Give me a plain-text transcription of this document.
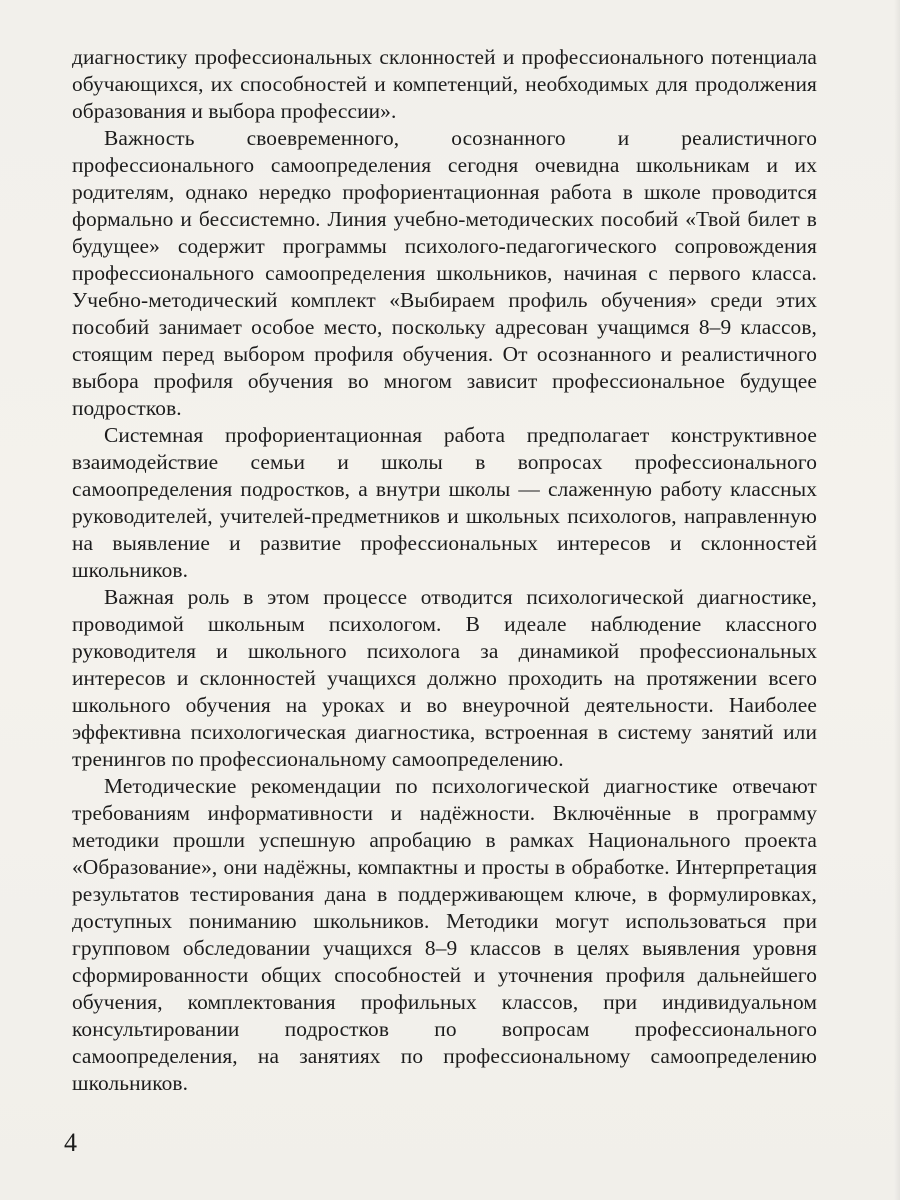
диагностику профессиональных склонностей и профессионального потенциала обучающихся, их способностей и компетенций, необходимых для продолжения образования и выбора профессии».

Важность своевременного, осознанного и реалистичного профессионального самоопределения сегодня очевидна школьникам и их родителям, однако нередко профориентационная работа в школе проводится формально и бессистемно. Линия учебно-методических пособий «Твой билет в будущее» содержит программы психолого-педагогического сопровождения профессионального самоопределения школьников, начиная с первого класса. Учебно-методический комплект «Выбираем профиль обучения» среди этих пособий занимает особое место, поскольку адресован учащимся 8–9 классов, стоящим перед выбором профиля обучения. От осознанного и реалистичного выбора профиля обучения во многом зависит профессиональное будущее подростков.

Системная профориентационная работа предполагает конструктивное взаимодействие семьи и школы в вопросах профессионального самоопределения подростков, а внутри школы — слаженную работу классных руководителей, учителей-предметников и школьных психологов, направленную на выявление и развитие профессиональных интересов и склонностей школьников.

Важная роль в этом процессе отводится психологической диагностике, проводимой школьным психологом. В идеале наблюдение классного руководителя и школьного психолога за динамикой профессиональных интересов и склонностей учащихся должно проходить на протяжении всего школьного обучения на уроках и во внеурочной деятельности. Наиболее эффективна психологическая диагностика, встроенная в систему занятий или тренингов по профессиональному самоопределению.

Методические рекомендации по психологической диагностике отвечают требованиям информативности и надёжности. Включённые в программу методики прошли успешную апробацию в рамках Национального проекта «Образование», они надёжны, компактны и просты в обработке. Интерпретация результатов тестирования дана в поддерживающем ключе, в формулировках, доступных пониманию школьников. Методики могут использоваться при групповом обследовании учащихся 8–9 классов в целях выявления уровня сформированности общих способностей и уточнения профиля дальнейшего обучения, комплектования профильных классов, при индивидуальном консультировании подростков по вопросам профессионального самоопределения, на занятиях по профессиональному самоопределению школьников.

4
